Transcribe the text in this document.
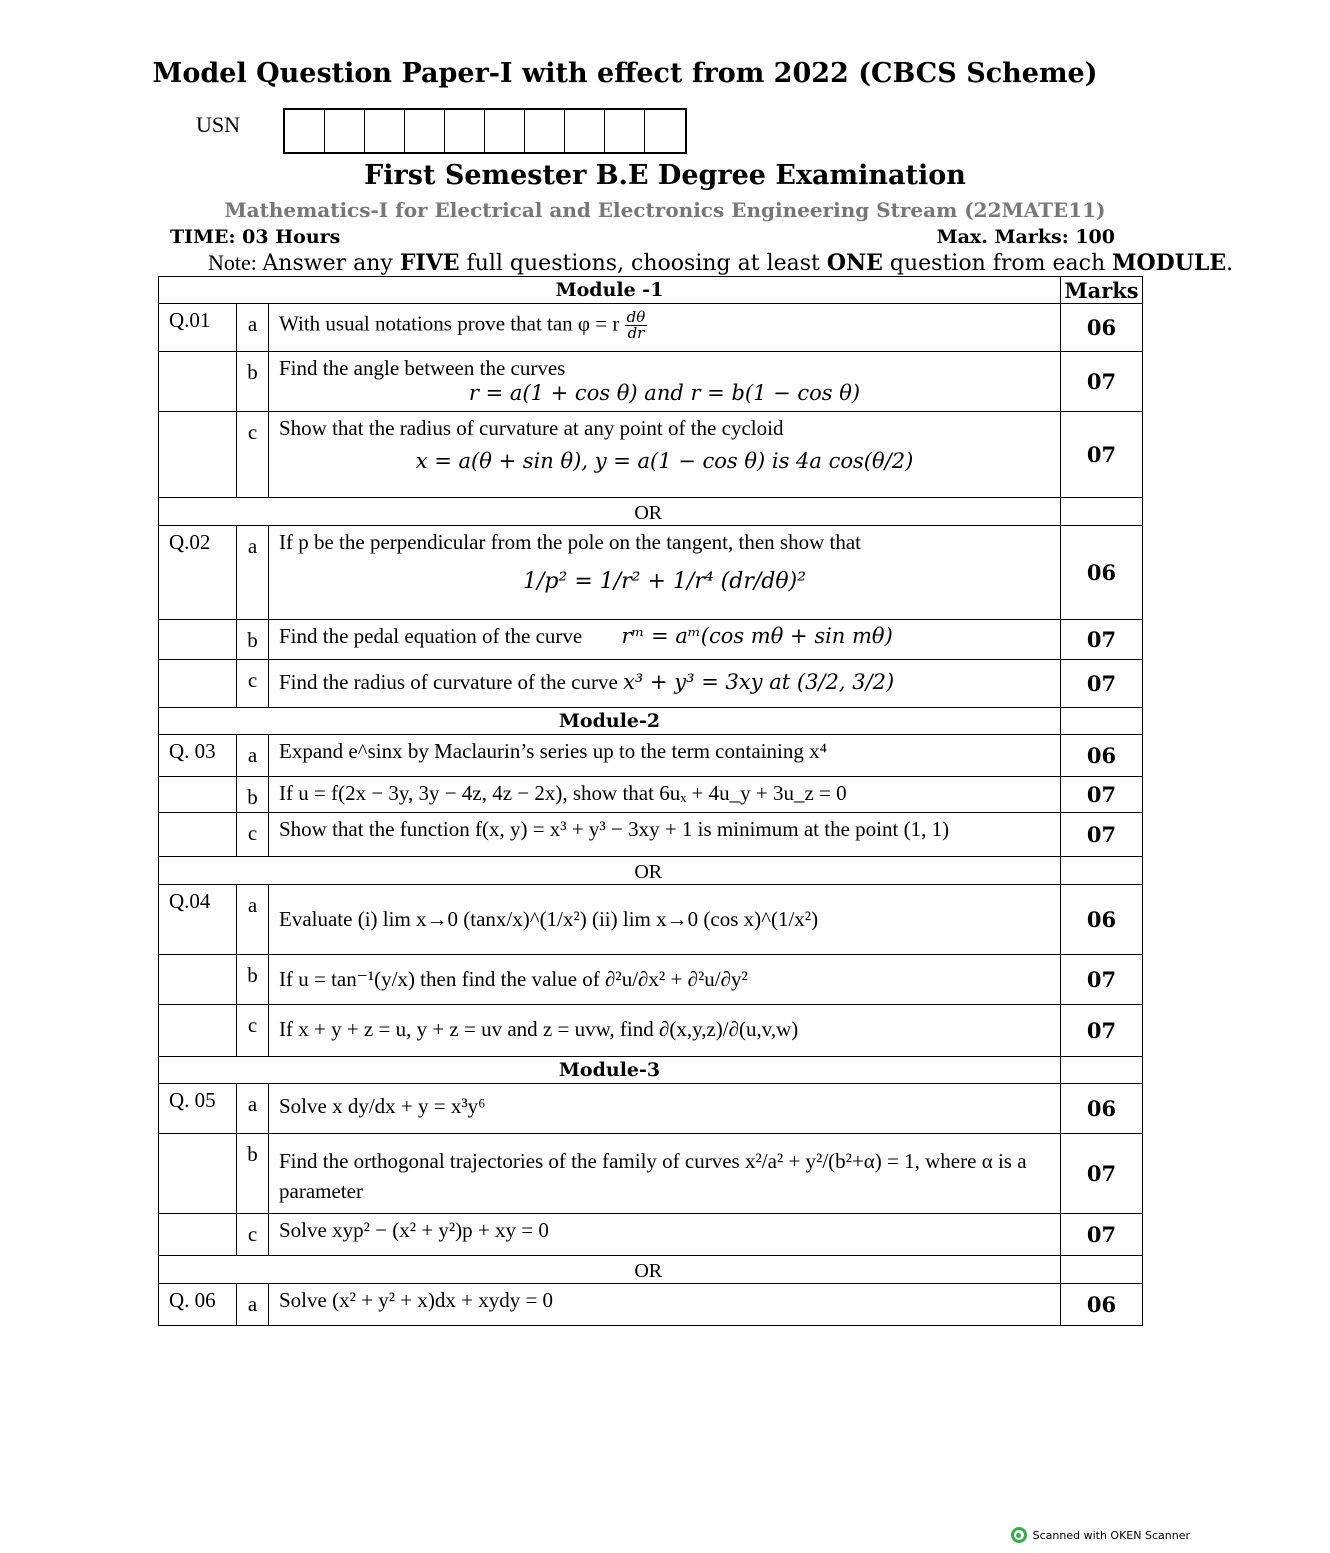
Model Question Paper-I with effect from 2022 (CBCS Scheme)
USN
First Semester B.E Degree Examination
Mathematics-I for Electrical and Electronics Engineering Stream (22MATE11)
TIME: 03 Hours	Max. Marks: 100
Note: Answer any FIVE full questions, choosing at least ONE question from each MODULE.
Module -1			Marks
Q.01	a	With usual notations prove that tan φ = r $\frac{d\theta}{dr}$	06
	b	Find the angle between the curves
r = a(1 + cos θ) and r = b(1 − cos θ)	07
	c	Show that the radius of curvature at any point of the cycloid
x = a(θ + sin θ), y = a(1 − cos θ) is 4a cos(θ/2)	07
	OR		
Q.02	a	If p be the perpendicular from the pole on the tangent, then show that
1/p² = 1/r² + 1/r⁴ (dr/dθ)²	06
	b	Find the pedal equation of the curve rᵐ = aᵐ(cos mθ + sin mθ)	07
	c	Find the radius of curvature of the curve x³ + y³ = 3xy at (3/2, 3/2)	07
Module-2			
Q. 03	a	Expand e^sinx by Maclaurin’s series up to the term containing x⁴	06
	b	If u = f(2x − 3y, 3y − 4z, 4z − 2x), show that 6uₓ + 4u_y + 3u_z = 0	07
	c	Show that the function f(x, y) = x³ + y³ − 3xy + 1 is minimum at the point (1, 1)	07
	OR		
Q.04	a	Evaluate (i) lim x→0 (tanx/x)^(1/x²) (ii) lim x→0 (cos x)^(1/x²)	06
	b	If u = tan⁻¹(y/x) then find the value of ∂²u/∂x² + ∂²u/∂y²	07
	c	If x + y + z = u, y + z = uv and z = uvw, find ∂(x,y,z)/∂(u,v,w)	07
Module-3			
Q. 05	a	Solve x dy/dx + y = x³y⁶	06
	b	Find the orthogonal trajectories of the family of curves x²/a² + y²/(b²+α) = 1, where α is a parameter	07
	c	Solve xyp² − (x² + y²)p + xy = 0	07
	OR		
Q. 06	a	Solve (x² + y² + x)dx + xydy = 0	06
Scanned with OKEN Scanner
